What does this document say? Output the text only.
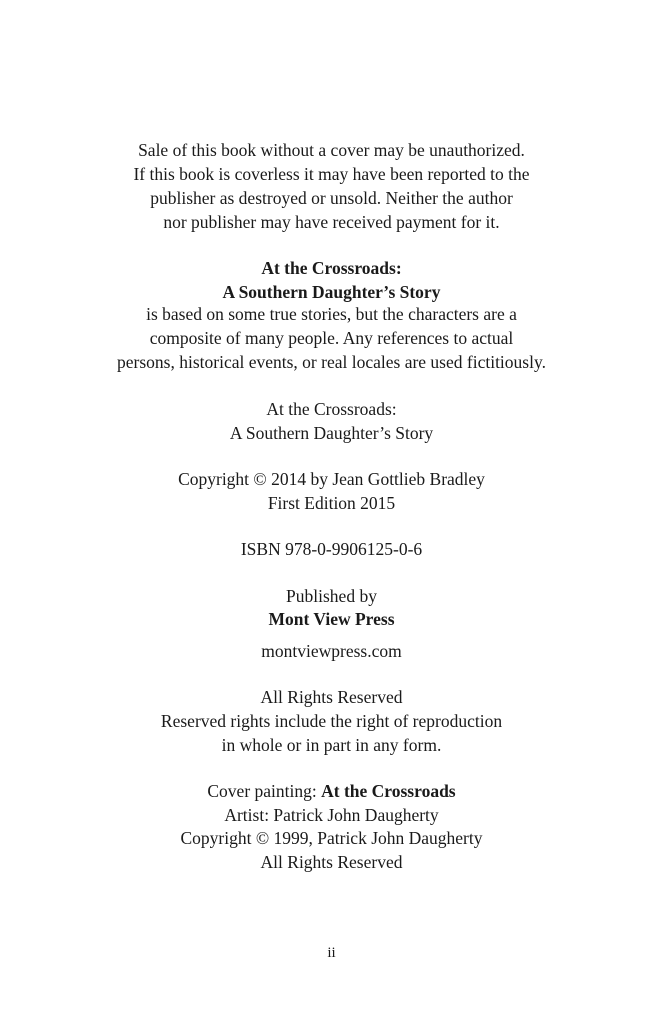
Sale of this book without a cover may be unauthorized.
If this book is coverless it may have been reported to the
publisher as destroyed or unsold. Neither the author
nor publisher may have received payment for it.
At the Crossroads:
A Southern Daughter’s Story
is based on some true stories, but the characters are a
composite of many people. Any references to actual
persons, historical events, or real locales are used fictitiously.
At the Crossroads:
A Southern Daughter’s Story
Copyright © 2014 by Jean Gottlieb Bradley
First Edition 2015
ISBN 978-0-9906125-0-6
Published by
Mont View Press
montviewpress.com
All Rights Reserved
Reserved rights include the right of reproduction
in whole or in part in any form.
Cover painting: At the Crossroads
Artist: Patrick John Daugherty
Copyright © 1999, Patrick John Daugherty
All Rights Reserved
ii
